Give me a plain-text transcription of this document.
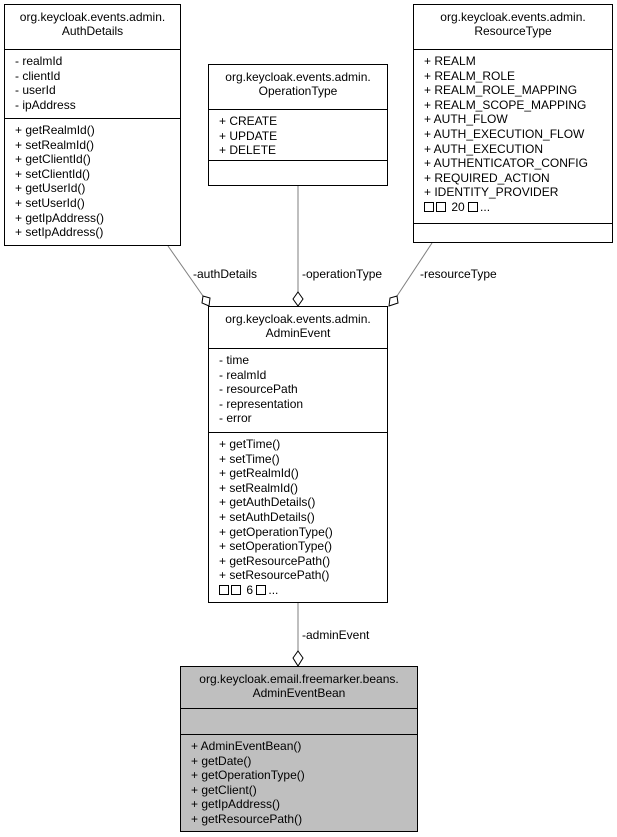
-authDetails	-operationType	-resourceType
-adminEvent
org.keycloak.events.admin.
AuthDetails
- realmId
- clientId
- userId
- ipAddress
+ getRealmId()
+ setRealmId()
+ getClientId()
+ setClientId()
+ getUserId()
+ setUserId()
+ getIpAddress()
+ setIpAddress()
org.keycloak.events.admin.
OperationType
+ CREATE
+ UPDATE
+ DELETE
org.keycloak.events.admin.
ResourceType
+ REALM
+ REALM_ROLE
+ REALM_ROLE_MAPPING
+ REALM_SCOPE_MAPPING
+ AUTH_FLOW
+ AUTH_EXECUTION_FLOW
+ AUTH_EXECUTION
+ AUTHENTICATOR_CONFIG
+ REQUIRED_ACTION
+ IDENTITY_PROVIDER
20 ...
org.keycloak.events.admin.
AdminEvent
- time
- realmId
- resourcePath
- representation
- error
+ getTime()
+ setTime()
+ getRealmId()
+ setRealmId()
+ getAuthDetails()
+ setAuthDetails()
+ getOperationType()
+ setOperationType()
+ getResourcePath()
+ setResourcePath()
6 ...
org.keycloak.email.freemarker.beans.
AdminEventBean
+ AdminEventBean()
+ getDate()
+ getOperationType()
+ getClient()
+ getIpAddress()
+ getResourcePath()
